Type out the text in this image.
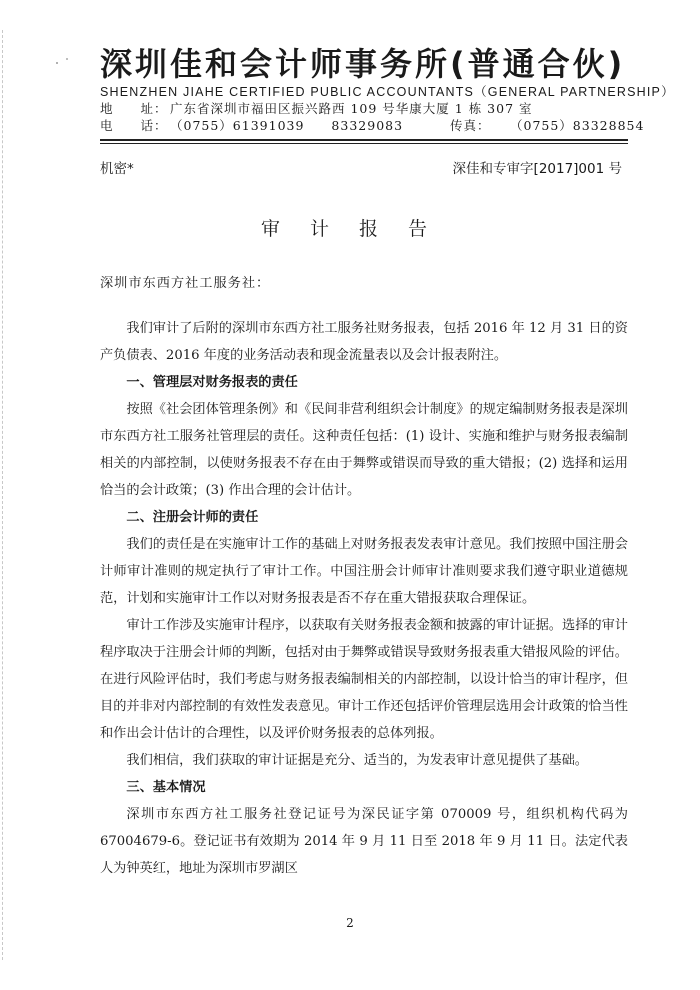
深圳佳和会计师事务所(普通合伙)
SHENZHEN JIAHE CERTIFIED PUBLIC ACCOUNTANTS（GENERAL PARTNERSHIP）
地　　址： 广东省深圳市福田区振兴路西 109 号华康大厦 1 栋 307 室
电　　话： （0755）61391039　　83329083	传真： （0755）83328854
机密*	深佳和专审字[2017]001 号
审 计 报 告

深圳市东西方社工服务社：

我们审计了后附的深圳市东西方社工服务社财务报表，包括 2016 年 12 月 31 日的资产负债表、2016 年度的业务活动表和现金流量表以及会计报表附注。

一、管理层对财务报表的责任

按照《社会团体管理条例》和《民间非营利组织会计制度》的规定编制财务报表是深圳市东西方社工服务社管理层的责任。这种责任包括：(1) 设计、实施和维护与财务报表编制相关的内部控制，以使财务报表不存在由于舞弊或错误而导致的重大错报；(2) 选择和运用恰当的会计政策；(3) 作出合理的会计估计。

二、注册会计师的责任

我们的责任是在实施审计工作的基础上对财务报表发表审计意见。我们按照中国注册会计师审计准则的规定执行了审计工作。中国注册会计师审计准则要求我们遵守职业道德规范，计划和实施审计工作以对财务报表是否不存在重大错报获取合理保证。

审计工作涉及实施审计程序，以获取有关财务报表金额和披露的审计证据。选择的审计程序取决于注册会计师的判断，包括对由于舞弊或错误导致财务报表重大错报风险的评估。在进行风险评估时，我们考虑与财务报表编制相关的内部控制，以设计恰当的审计程序，但目的并非对内部控制的有效性发表意见。审计工作还包括评价管理层选用会计政策的恰当性和作出会计估计的合理性，以及评价财务报表的总体列报。

我们相信，我们获取的审计证据是充分、适当的，为发表审计意见提供了基础。

三、基本情况

深圳市东西方社工服务社登记证号为深民证字第 070009 号，组织机构代码为 67004679-6。登记证书有效期为 2014 年 9 月 11 日至 2018 年 9 月 11 日。法定代表人为钟英红，地址为深圳市罗湖区

2
